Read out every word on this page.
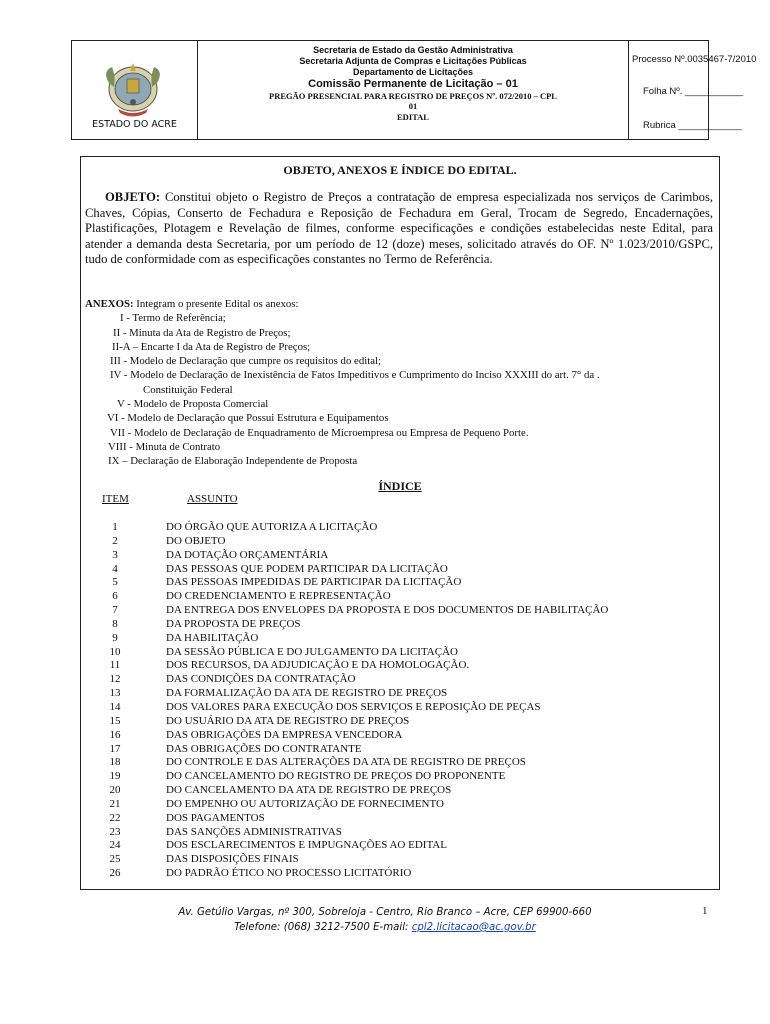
ESTADO DO ACRE
Secretaria de Estado da Gestão Administrativa
Secretaria Adjunta de Compras e Licitações Públicas
Departamento de Licitações
Comissão Permanente de Licitação – 01
PREGÃO PRESENCIAL PARA REGISTRO DE PREÇOS Nº. 072/2010 – CPL
01
EDITAL
Processo Nº.0035467-7/2010
Folha Nº. ___________
Rubrica ____________
OBJETO, ANEXOS E ÍNDICE DO EDITAL.
OBJETO: Constitui objeto o Registro de Preços a contratação de empresa especializada nos serviços de Carimbos, Chaves, Cópias, Conserto de Fechadura e Reposição de Fechadura em Geral, Trocam de Segredo, Encadernações, Plastificações, Plotagem e Revelação de filmes, conforme especificações e condições estabelecidas neste Edital, para atender a demanda desta Secretaria, por um período de 12 (doze) meses, solicitado através do OF. Nº 1.023/2010/GSPC, tudo de conformidade com as especificações constantes no Termo de Referência.
ANEXOS: Integram o presente Edital os anexos:
I - Termo de Referência;
II - Minuta da Ata de Registro de Preços;
II-A – Encarte I da Ata de Registro de Preços;
III - Modelo de Declaração que cumpre os requisitos do edital;
IV - Modelo de Declaração de Inexistência de Fatos Impeditivos e Cumprimento do Inciso XXXIII do art. 7° da .
Constituição Federal
V - Modelo de Proposta Comercial
VI - Modelo de Declaração que Possui Estrutura e Equipamentos
VII - Modelo de Declaração de Enquadramento de Microempresa ou Empresa de Pequeno Porte.
VIII - Minuta de Contrato
IX – Declaração de Elaboração Independente de Proposta
ÍNDICE
ITEM	ASSUNTO
1	DO ÓRGÃO QUE AUTORIZA A LICITAÇÃO
2	DO OBJETO
3	DA DOTAÇÃO ORÇAMENTÁRIA
4	DAS PESSOAS QUE PODEM PARTICIPAR DA LICITAÇÃO
5	DAS PESSOAS IMPEDIDAS DE PARTICIPAR DA LICITAÇÃO
6	DO CREDENCIAMENTO E REPRESENTAÇÃO
7	DA ENTREGA DOS ENVELOPES DA PROPOSTA E DOS DOCUMENTOS DE HABILITAÇÃO
8	DA PROPOSTA DE PREÇOS
9	DA HABILITAÇÃO
10	DA SESSÃO PÚBLICA E DO JULGAMENTO DA LICITAÇÃO
11	DOS RECURSOS, DA ADJUDICAÇÃO E DA HOMOLOGAÇÃO.
12	DAS CONDIÇÕES DA CONTRATAÇÃO
13	DA FORMALIZAÇÃO DA ATA DE REGISTRO DE PREÇOS
14	DOS VALORES PARA EXECUÇÃO DOS SERVIÇOS E REPOSIÇÃO DE PEÇAS
15	DO USUÁRIO DA ATA DE REGISTRO DE PREÇOS
16	DAS OBRIGAÇÕES DA EMPRESA VENCEDORA
17	DAS OBRIGAÇÕES DO CONTRATANTE
18	DO CONTROLE E DAS ALTERAÇÕES DA ATA DE REGISTRO DE PREÇOS
19	DO CANCELAMENTO DO REGISTRO DE PREÇOS DO PROPONENTE
20	DO CANCELAMENTO DA ATA DE REGISTRO DE PREÇOS
21	DO EMPENHO OU AUTORIZAÇÃO DE FORNECIMENTO
22	DOS PAGAMENTOS
23	DAS SANÇÕES ADMINISTRATIVAS
24	DOS ESCLARECIMENTOS E IMPUGNAÇÕES AO EDITAL
25	DAS DISPOSIÇÕES FINAIS
26	DO PADRÃO ÉTICO NO PROCESSO LICITATÓRIO
Av. Getúlio Vargas, nº 300, Sobreloja - Centro, Rio Branco – Acre, CEP 69900-660
Telefone: (068) 3212-7500 E-mail: cpl2.licitacao@ac.gov.br
1
